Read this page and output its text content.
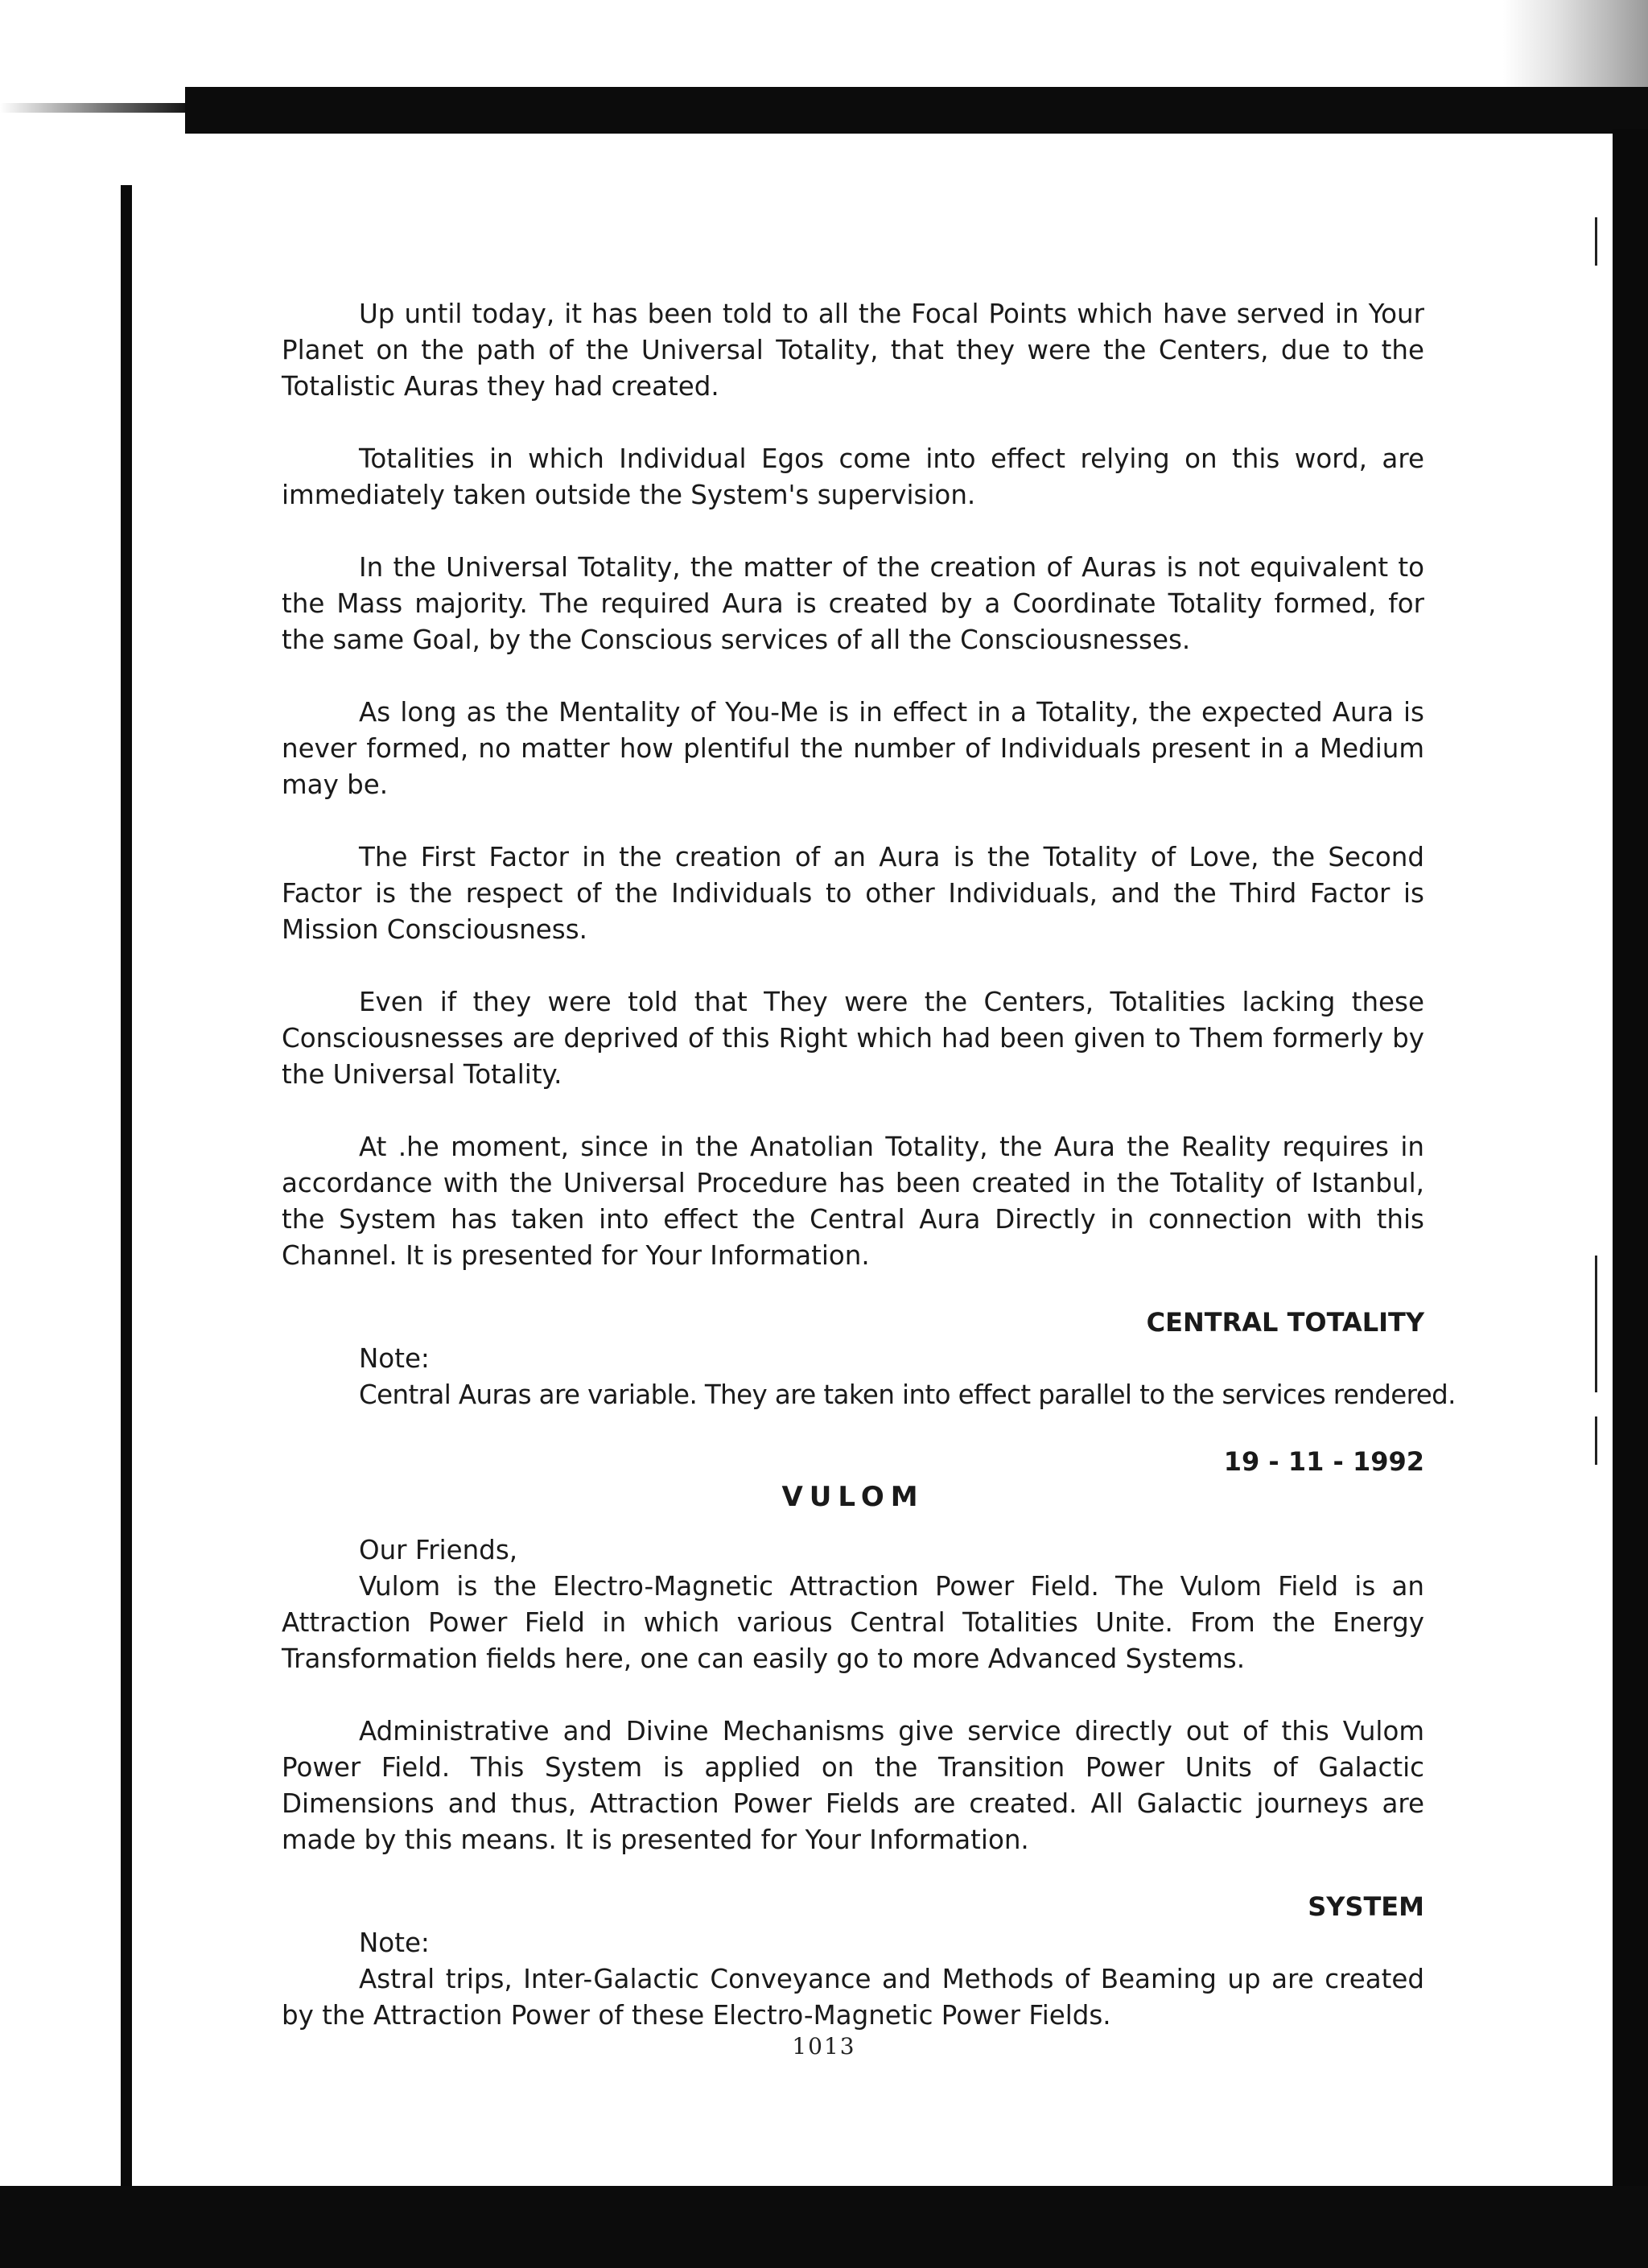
Up until today, it has been told to all the Focal Points which have served in Your Planet on the path of the Universal Totality, that they were the Centers, due to the Totalistic Auras they had created.

Totalities in which Individual Egos come into effect relying on this word, are immediately taken outside the System's supervision.

In the Universal Totality, the matter of the creation of Auras is not equivalent to the Mass majority. The required Aura is created by a Coordinate Totality formed, for the same Goal, by the Conscious services of all the Consciousnesses.

As long as the Mentality of You-Me is in effect in a Totality, the expected Aura is never formed, no matter how plentiful the number of Individuals present in a Medium may be.

The First Factor in the creation of an Aura is the Totality of Love, the Second Factor is the respect of the Individuals to other Individuals, and the Third Factor is Mission Consciousness.

Even if they were told that They were the Centers, Totalities lacking these Consciousnesses are deprived of this Right which had been given to Them formerly by the Universal Totality.

At .he moment, since in the Anatolian Totality, the Aura the Reality requires in accordance with the Universal Procedure has been created in the Totality of Istanbul, the System has taken into effect the Central Aura Directly in connection with this Channel. It is presented for Your Information.

CENTRAL TOTALITY
Note:
Central Auras are variable. They are taken into effect parallel to the services rendered.
19 - 11 - 1992
VULOM
Our Friends,

Vulom is the Electro-Magnetic Attraction Power Field. The Vulom Field is an Attraction Power Field in which various Central Totalities Unite. From the Energy Transformation fields here, one can easily go to more Advanced Systems.

Administrative and Divine Mechanisms give service directly out of this Vulom Power Field. This System is applied on the Transition Power Units of Galactic Dimensions and thus, Attraction Power Fields are created. All Galactic journeys are made by this means. It is presented for Your Information.

SYSTEM
Note:

Astral trips, Inter-Galactic Conveyance and Methods of Beaming up are created by the Attraction Power of these Electro-Magnetic Power Fields.

1013
